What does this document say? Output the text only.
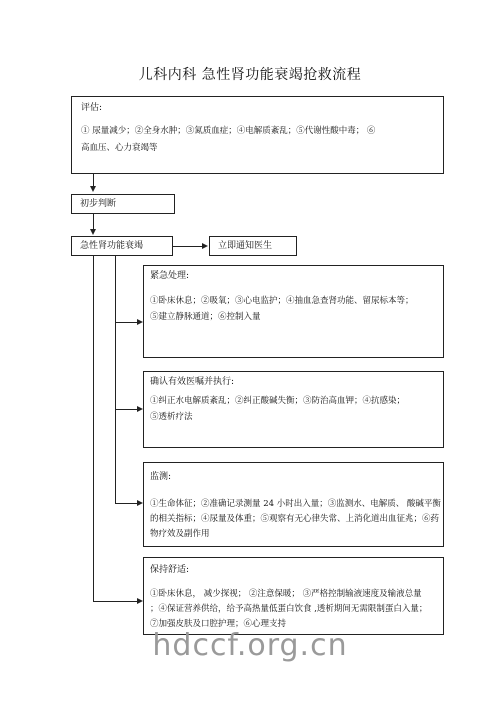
儿科内科 急性肾功能衰竭抢救流程
评估:
① 尿量减少；②全身水肿；③氮质血症；④电解质紊乱；⑤代谢性酸中毒； ⑥
高血压、心力衰竭等
初步判断
急性肾功能衰竭	立即通知医生
紧急处理:
①卧床休息；②吸氧；③心电监护；④抽血急查肾功能、留尿标本等；
⑤建立静脉通道；⑥控制入量
确认有效医嘱并执行:
①纠正水电解质紊乱；②纠正酸碱失衡；③防治高血钾；④抗感染；
⑤透析疗法
监测:
①生命体征；②准确记录测量 24 小时出入量；③监测水、电解质、 酸碱平衡
的相关指标；④尿量及体重；⑤观察有无心律失常、上消化道出血征兆；⑥药
物疗效及副作用
保持舒适:
①卧床休息， 减少探视； ②注意保暖； ③严格控制输液速度及输液总量
；④保证营养供给，给予高热量低蛋白饮食 ,透析期间无需限制蛋白入量；
⑦加强皮肤及口腔护理；⑥心理支持
hdccf.org.cn
